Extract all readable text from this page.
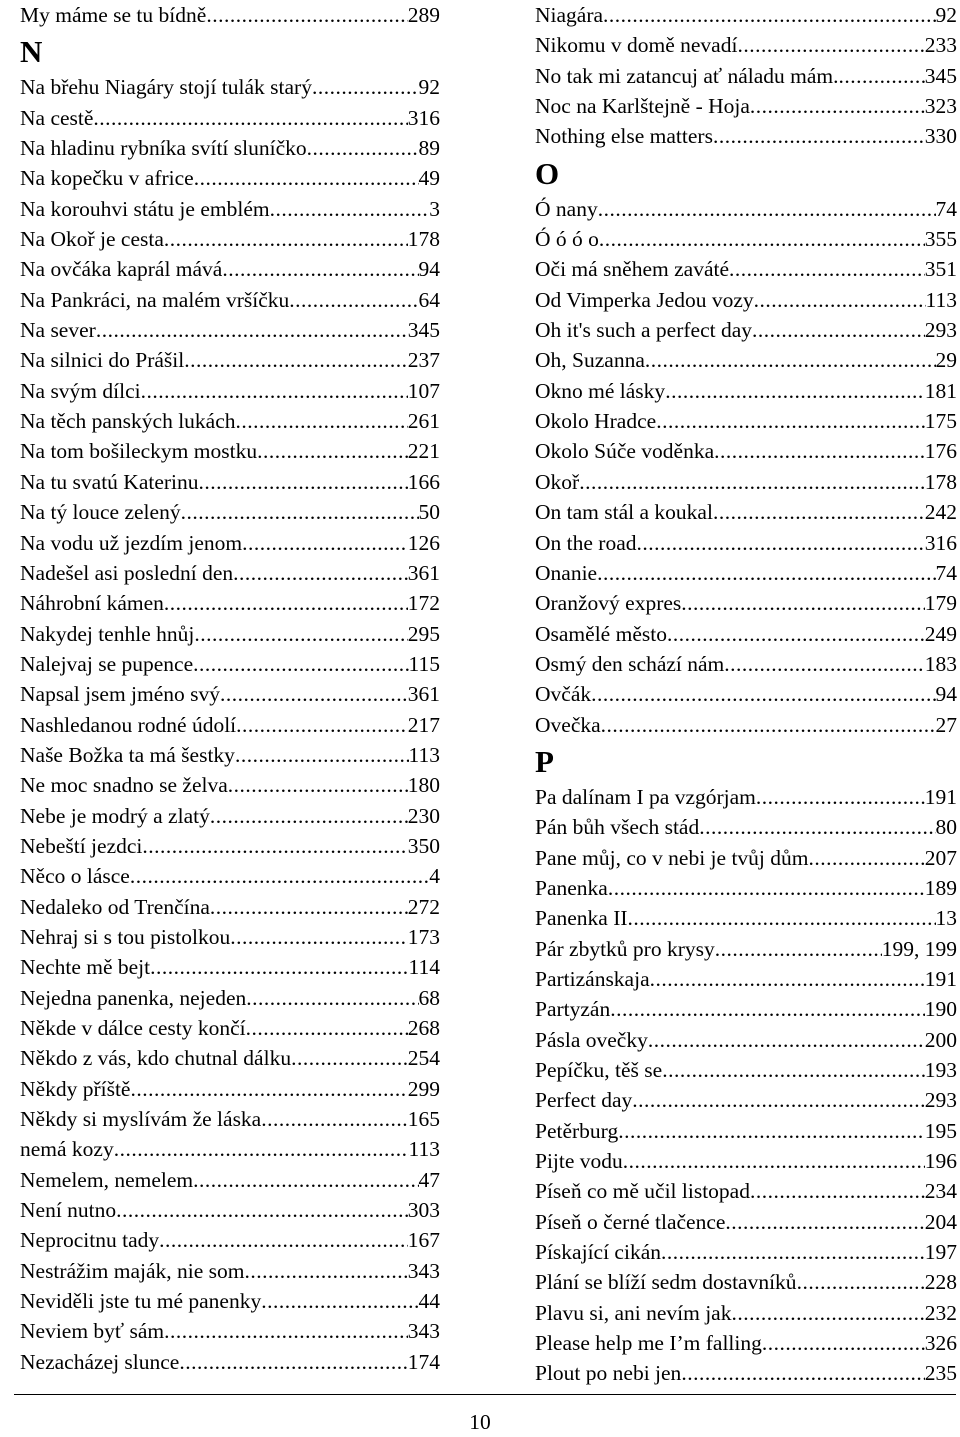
My máme se tu bídně .....	289
N
Na břehu Niagáry stojí tulák starý .....	92
Na cestě .....	316
Na hladinu rybníka svítí sluníčko .....	89
Na kopečku v africe .....	49
Na korouhvi státu je emblém .....	3
Na Okoř je cesta .....	178
Na ovčáka kaprál mává .....	94
Na Pankráci, na malém vršíčku .....	64
Na sever .....	345
Na silnici do Prášil .....	237
Na svým dílci .....	107
Na těch panských lukách .....	261
Na tom bošileckym mostku .....	221
Na tu svatú Katerinu .....	166
Na tý louce zelený .....	50
Na vodu už jezdím jenom .....	126
Nadešel asi poslední den .....	361
Náhrobní kámen .....	172
Nakydej tenhle hnůj .....	295
Nalejvaj se pupence .....	115
Napsal jsem jméno svý .....	361
Nashledanou rodné údolí .....	217
Naše Božka ta má šestky .....	113
Ne moc snadno se želva .....	180
Nebe je modrý a zlatý .....	230
Nebeští jezdci .....	350
Něco o lásce .....	4
Nedaleko od Trenčína .....	272
Nehraj si s tou pistolkou .....	173
Nechte mě bejt .....	114
Nejedna panenka, nejeden .....	68
Někde v dálce cesty končí .....	268
Někdo z vás, kdo chutnal dálku .....	254
Někdy příště .....	299
Někdy si myslívám že láska .....	165
nemá kozy .....	113
Nemelem, nemelem .....	47
Není nutno .....	303
Neprocitnu tady .....	167
Nestrážim maják, nie som .....	343
Neviděli jste tu mé panenky .....	44
Neviem byť sám .....	343
Nezacházej slunce .....	174
Niagára .....	92
Nikomu v domě nevadí .....	233
No tak mi zatancuj ať náladu mám. .....	345
Noc na Karlštejně - Hoja .....	323
Nothing else matters .....	330
O
Ó nany .....	74
Ó ó ó o .....	355
Oči má sněhem zaváté .....	351
Od Vimperka Jedou vozy .....	113
Oh it's such a perfect day .....	293
Oh, Suzanna .....	29
Okno mé lásky .....	181
Okolo Hradce .....	175
Okolo Súče voděnka .....	176
Okoř .....	178
On tam stál a koukal .....	242
On the road .....	316
Onanie .....	74
Oranžový expres .....	179
Osamělé město .....	249
Osmý den schází nám .....	183
Ovčák .....	94
Ovečka .....	27
P
Pa dalínam I pa vzgórjam .....	191
Pán bůh všech stád .....	80
Pane můj, co v nebi je tvůj dům .....	207
Panenka .....	189
Panenka II .....	13
Pár zbytků pro krysy .....	199, 199
Partizánskaja .....	191
Partyzán .....	190
Pásla ovečky .....	200
Pepíčku, těš se .....	193
Perfect day .....	293
Petěrburg .....	195
Pijte vodu .....	196
Píseň co mě učil listopad .....	234
Píseň o černé tlačence .....	204
Pískající cikán .....	197
Plání se blíží sedm dostavníků .....	228
Plavu si, ani nevím jak .....	232
Please help me I’m falling .....	326
Plout po nebi jen .....	235
10
